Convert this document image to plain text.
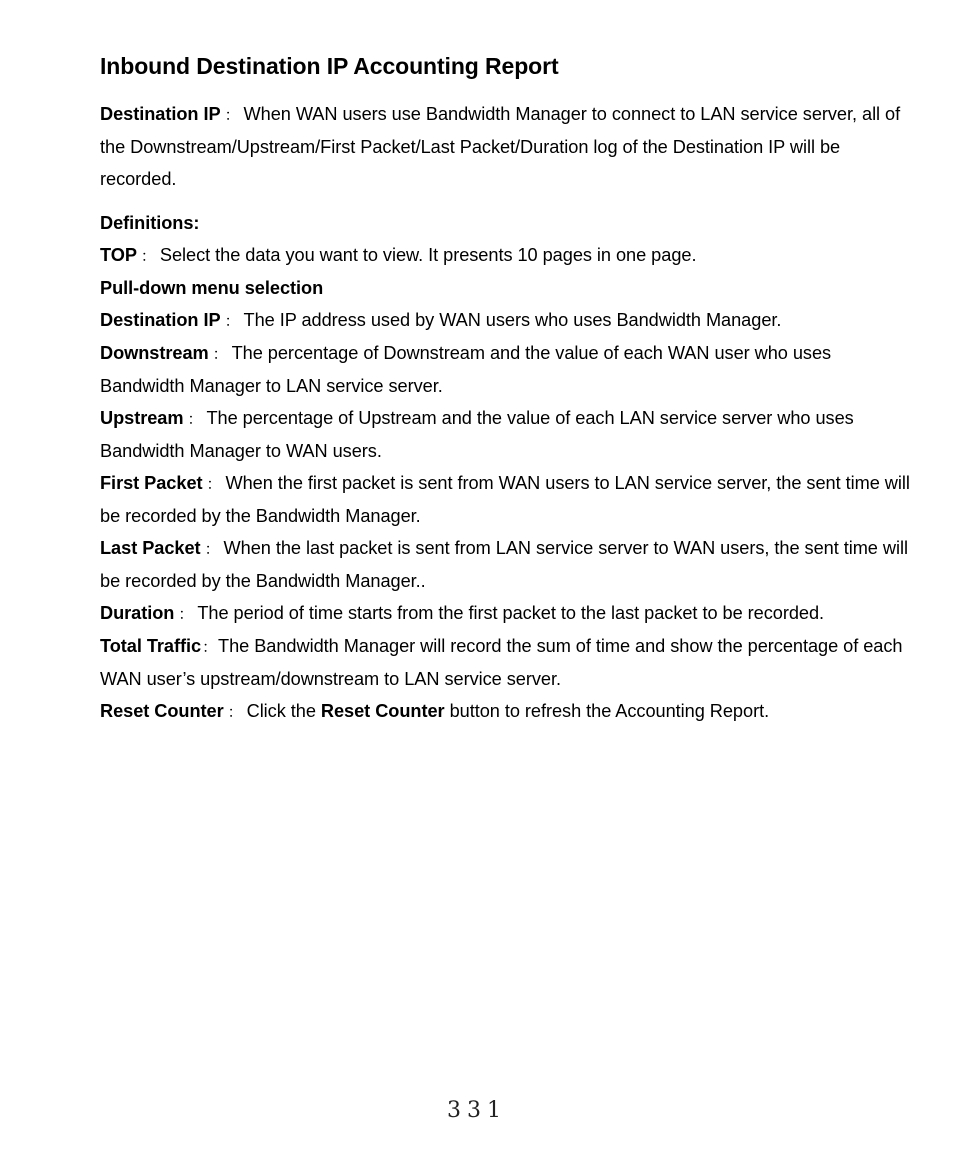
Inbound Destination IP Accounting Report

Destination IP ： When WAN users use Bandwidth Manager to connect to LAN service server, all of the Downstream/Upstream/First Packet/Last Packet/Duration log of the Destination IP will be recorded.

Definitions:

TOP ： Select the data you want to view. It presents 10 pages in one page.

Pull-down menu selection

Destination IP ： The IP address used by WAN users who uses Bandwidth Manager.

Downstream ： The percentage of Downstream and the value of each WAN user who uses Bandwidth Manager to LAN service server.

Upstream ： The percentage of Upstream and the value of each LAN service server who uses Bandwidth Manager to WAN users.

First Packet ： When the first packet is sent from WAN users to LAN service server, the sent time will be recorded by the Bandwidth Manager.

Last Packet ： When the last packet is sent from LAN service server to WAN users, the sent time will be recorded by the Bandwidth Manager..

Duration ： The period of time starts from the first packet to the last packet to be recorded.

Total Traffic：The Bandwidth Manager will record the sum of time and show the percentage of each WAN user’s upstream/downstream to LAN service server.

Reset Counter ： Click the Reset Counter button to refresh the Accounting Report.

331
